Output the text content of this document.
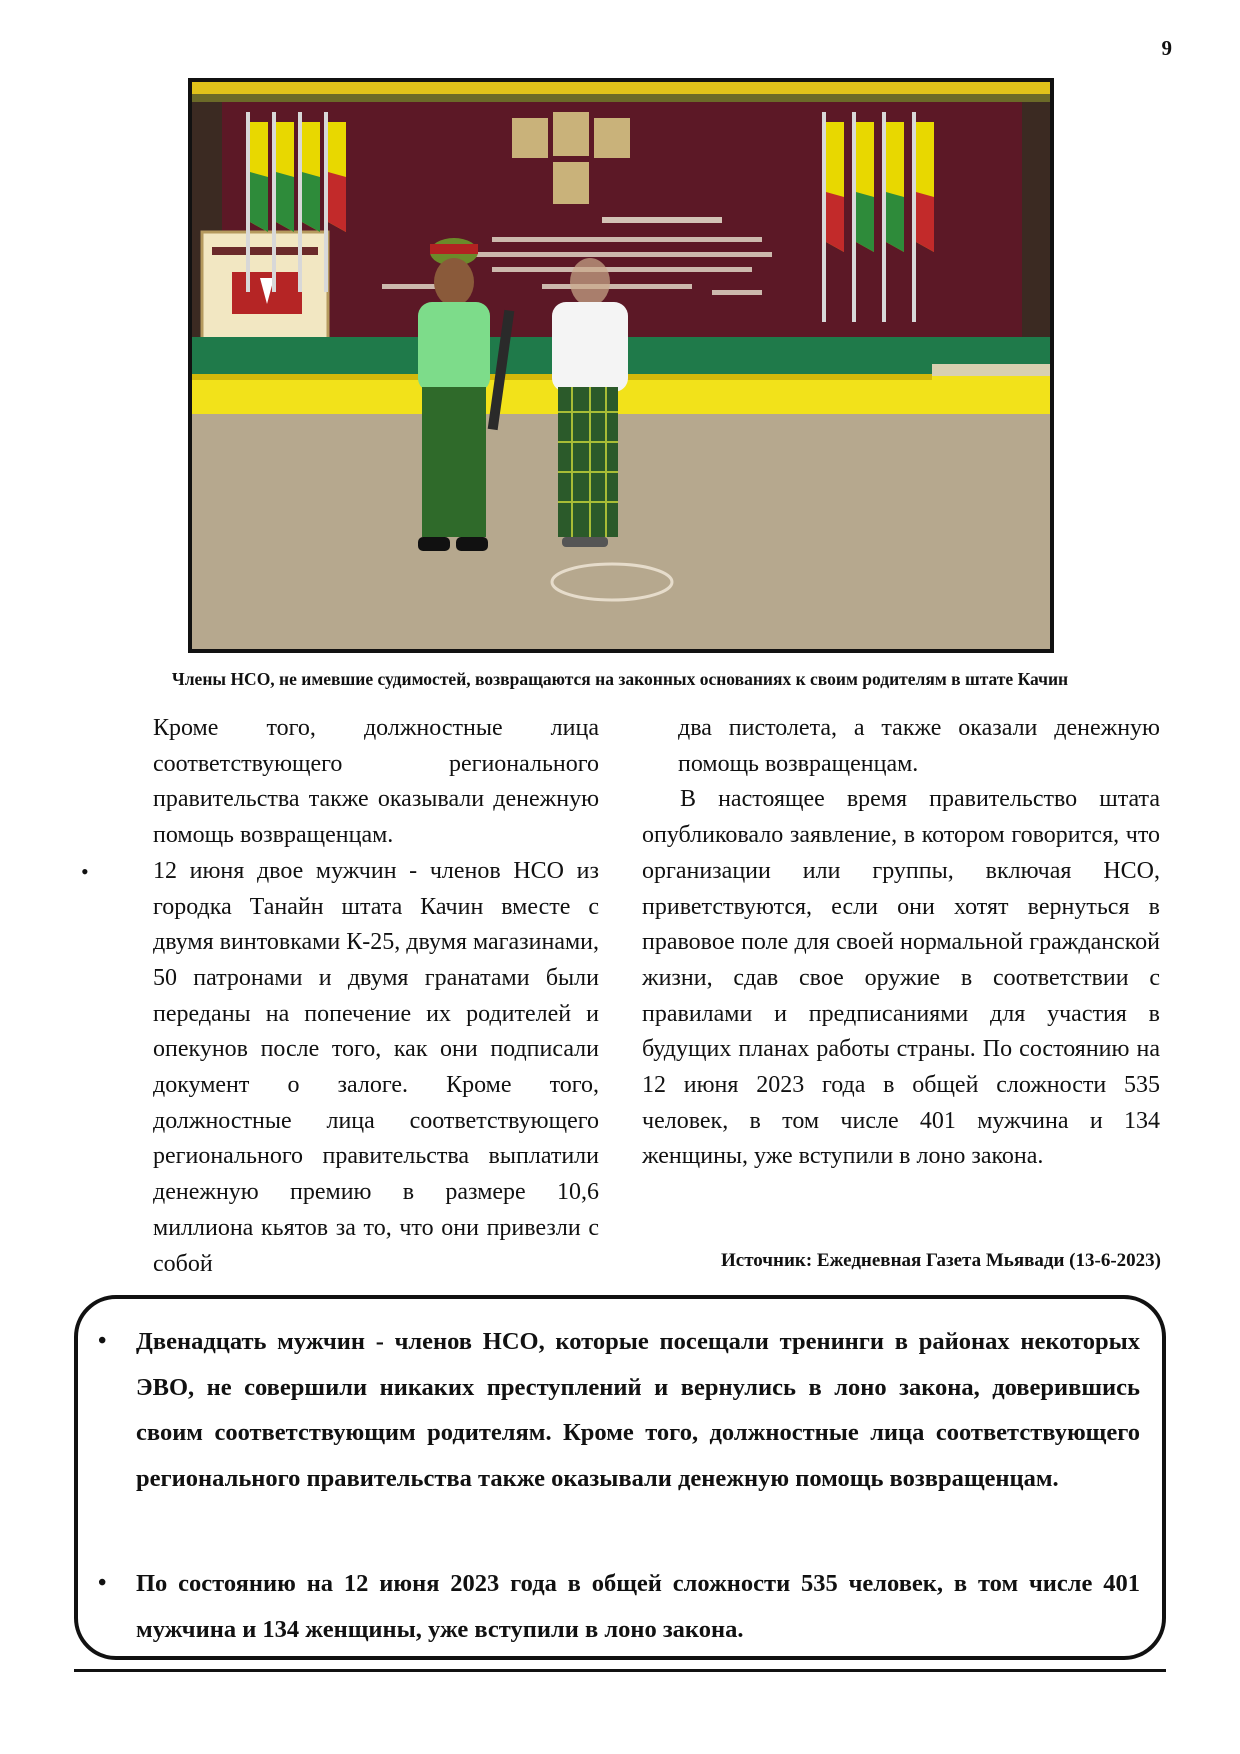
9
Члены НСО, не имевшие судимостей, возвращаются на законных основаниях к своим родителям в штате Качин

Кроме того, должностные лица соответствующего регионального правительства также оказывали денежную помощь возвращенцам.

•	12 июня двое мужчин - членов НСО из городка Танайн штата Качин вместе с двумя винтовками К-25, двумя магазинами, 50 патронами и двумя гранатами были переданы на попечение их родителей и опекунов после того, как они подписали документ о залоге. Кроме того, должностные лица соответствующего регионального правительства выплатили денежную премию в размере 10,6 миллиона кьятов за то, что они привезли с собой

два пистолета, а также оказали денежную помощь возвращенцам.

В настоящее время правительство штата опубликовало заявление, в котором говорится, что организации или группы, включая НСО, приветствуются, если они хотят вернуться в правовое поле для своей нормальной гражданской жизни, сдав свое оружие в соответствии с правилами и предписаниями для участия в будущих планах работы страны. По состоянию на 12 июня 2023 года в общей сложности 535 человек, в том числе 401 мужчина и 134 женщины, уже вступили в лоно закона.

Источник: Ежедневная Газета Мьявади (13-6-2023)
• Двенадцать мужчин - членов НСО, которые посещали тренинги в районах некоторых ЭВО, не совершили никаких преступлений и вернулись в лоно закона, доверившись своим соответствующим родителям. Кроме того, должностные лица соответствующего регионального правительства также оказывали денежную помощь возвращенцам.
• По состоянию на 12 июня 2023 года в общей сложности 535 человек, в том числе 401 мужчина и 134 женщины, уже вступили в лоно закона.
